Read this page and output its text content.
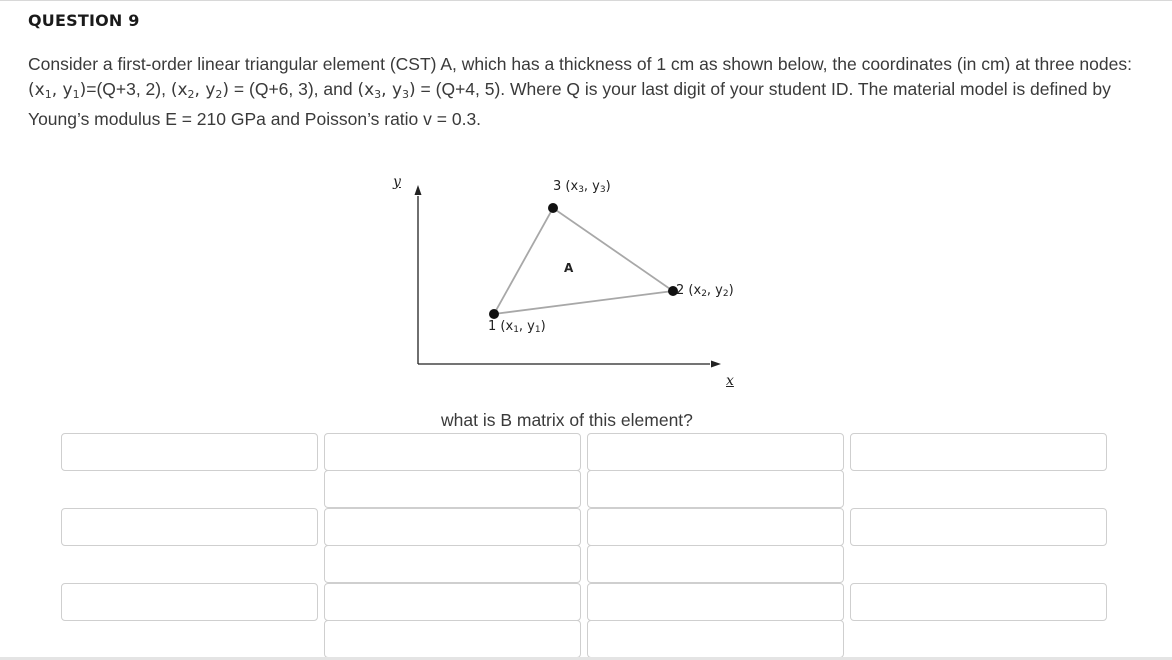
QUESTION 9
Consider a first-order linear triangular element (CST) A, which has a thickness of 1 cm as shown below, the coordinates (in cm) at three nodes: ($x_1$, $y_1)=(Q+3$, 2), ($x_2$, $y_2) = (Q+6$, 3), and ($x_3$, $y_3) = (Q+4$, 5). Where Q is your last digit of your student ID. The material model is defined by Young’s modulus E = 210 GPa and Poisson’s ratio v = 0.3.
y
x
A
3 ($x_3$, $y_3$)
2 ($x_2$, $y_2$)
1 ($x_1$, $y_1$)
what is B matrix of this element?
